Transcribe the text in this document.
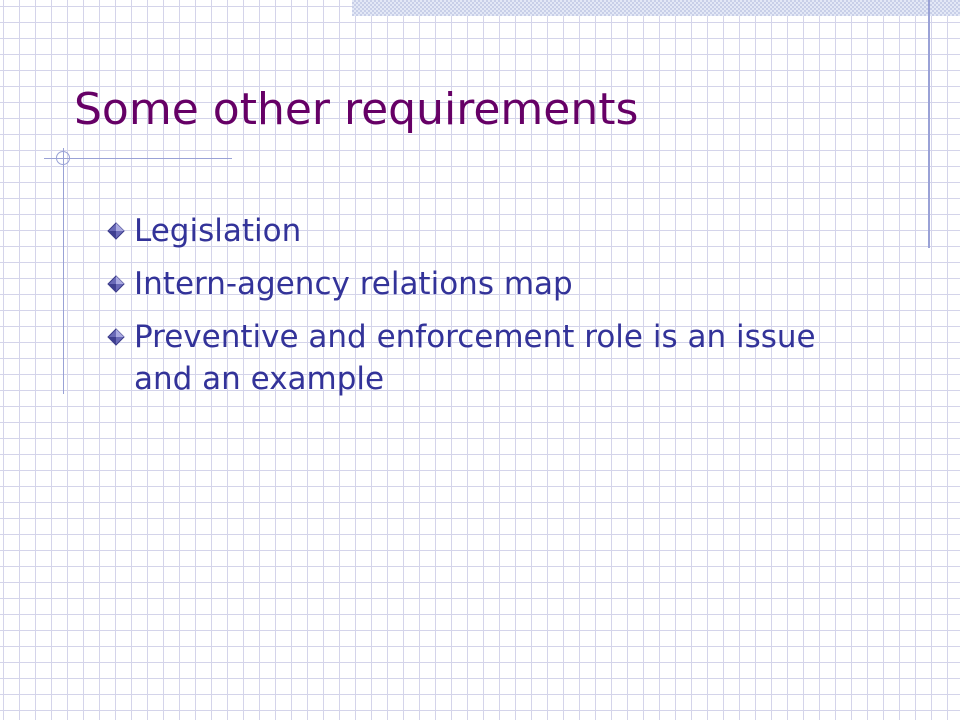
Some other requirements
Legislation
Intern-agency relations map
Preventive and enforcement role is an issue and an example
